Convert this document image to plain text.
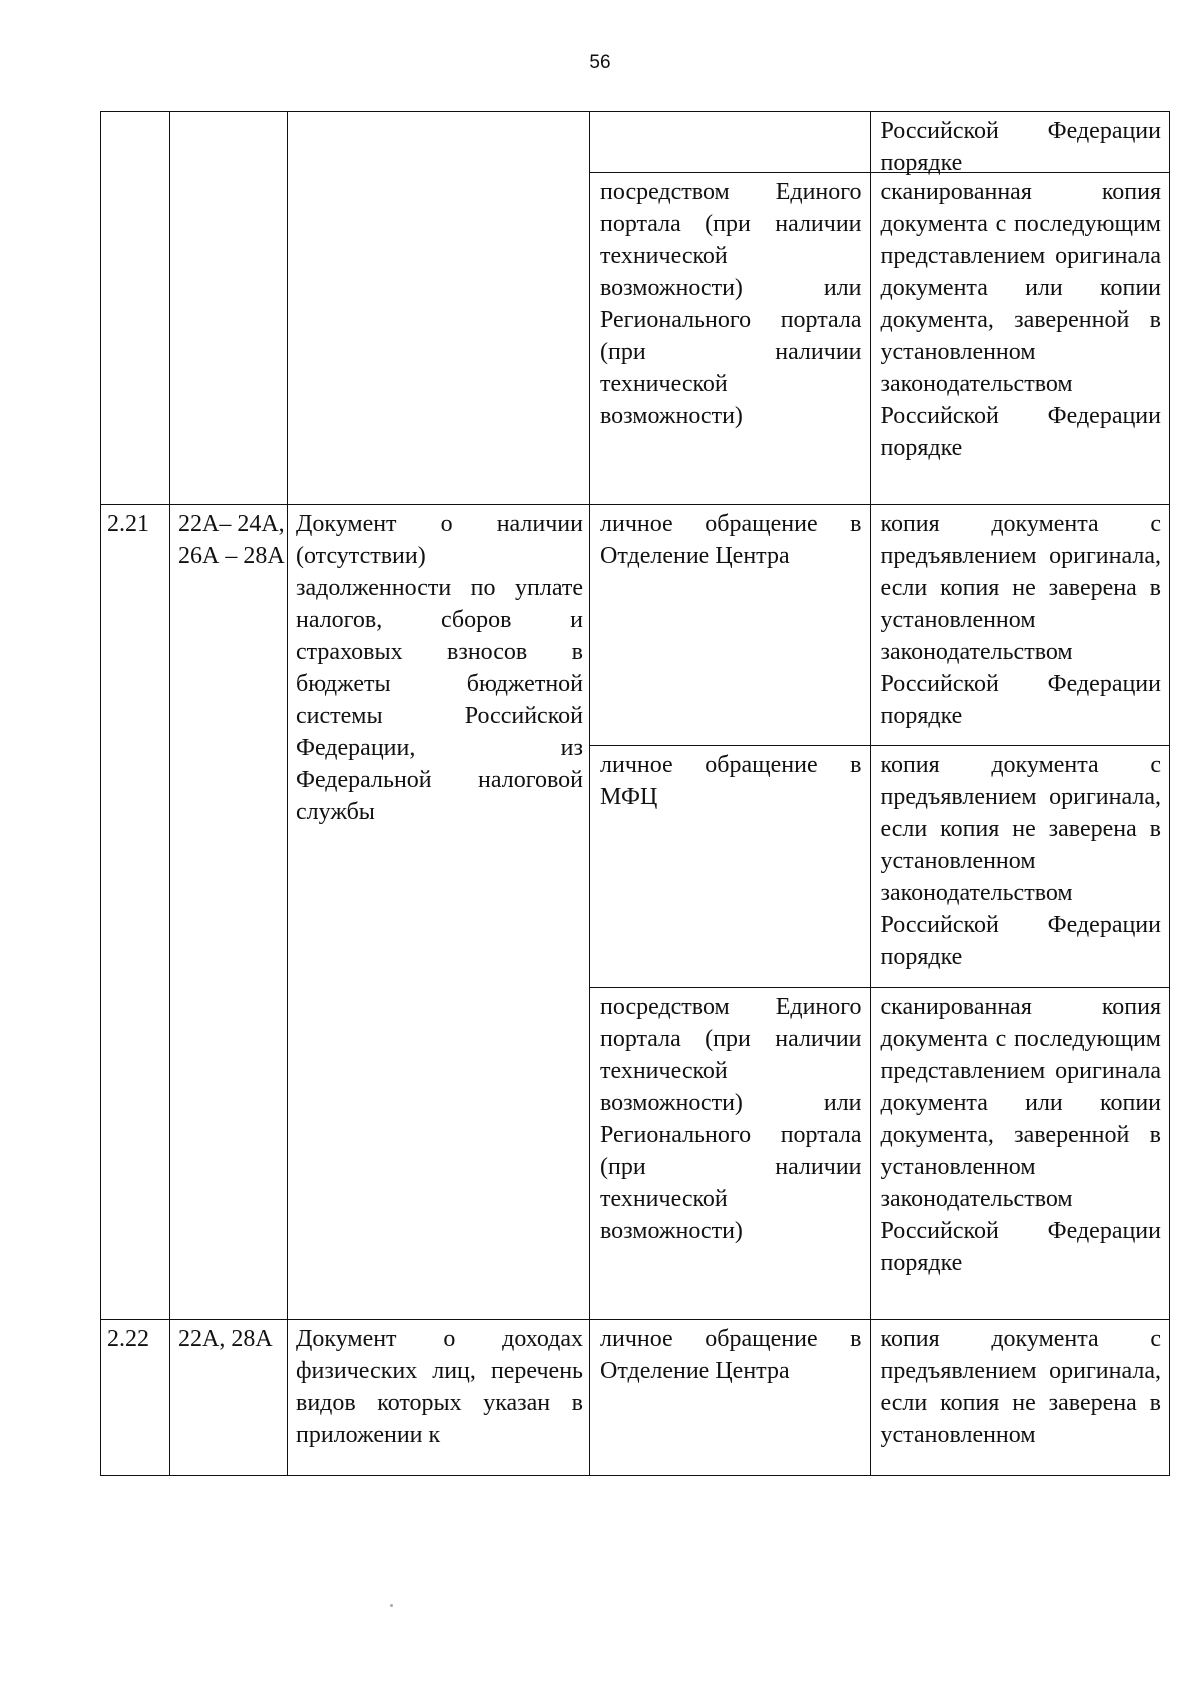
56
Российской Федерации порядке
посредством Единого портала (при наличии технической возможности) или Регионального портала (при наличии технической возможности)
сканированная копия документа с последующим представлением оригинала документа или копии документа, заверенной в установленном законодательством Российской Федерации порядке
2.21	22А– 24А, 26А – 28А
Документ о наличии (отсутствии) задолженности по уплате налогов, сборов и страховых взносов в бюджеты бюджетной системы Российской Федерации, из Федеральной налоговой службы
личное обращение в Отделение Центра
копия документа с предъявлением оригинала, если копия не заверена в установленном законодательством Российской Федерации порядке
личное обращение в МФЦ
копия документа с предъявлением оригинала, если копия не заверена в установленном законодательством Российской Федерации порядке
посредством Единого портала (при наличии технической возможности) или Регионального портала (при наличии технической возможности)
сканированная копия документа с последующим представлением оригинала документа или копии документа, заверенной в установленном законодательством Российской Федерации порядке
2.22	22А, 28А Документ о доходах физических лиц, перечень видов которых указан в приложении к
личное обращение в Отделение Центра
копия документа с предъявлением оригинала, если копия не заверена в установленном
